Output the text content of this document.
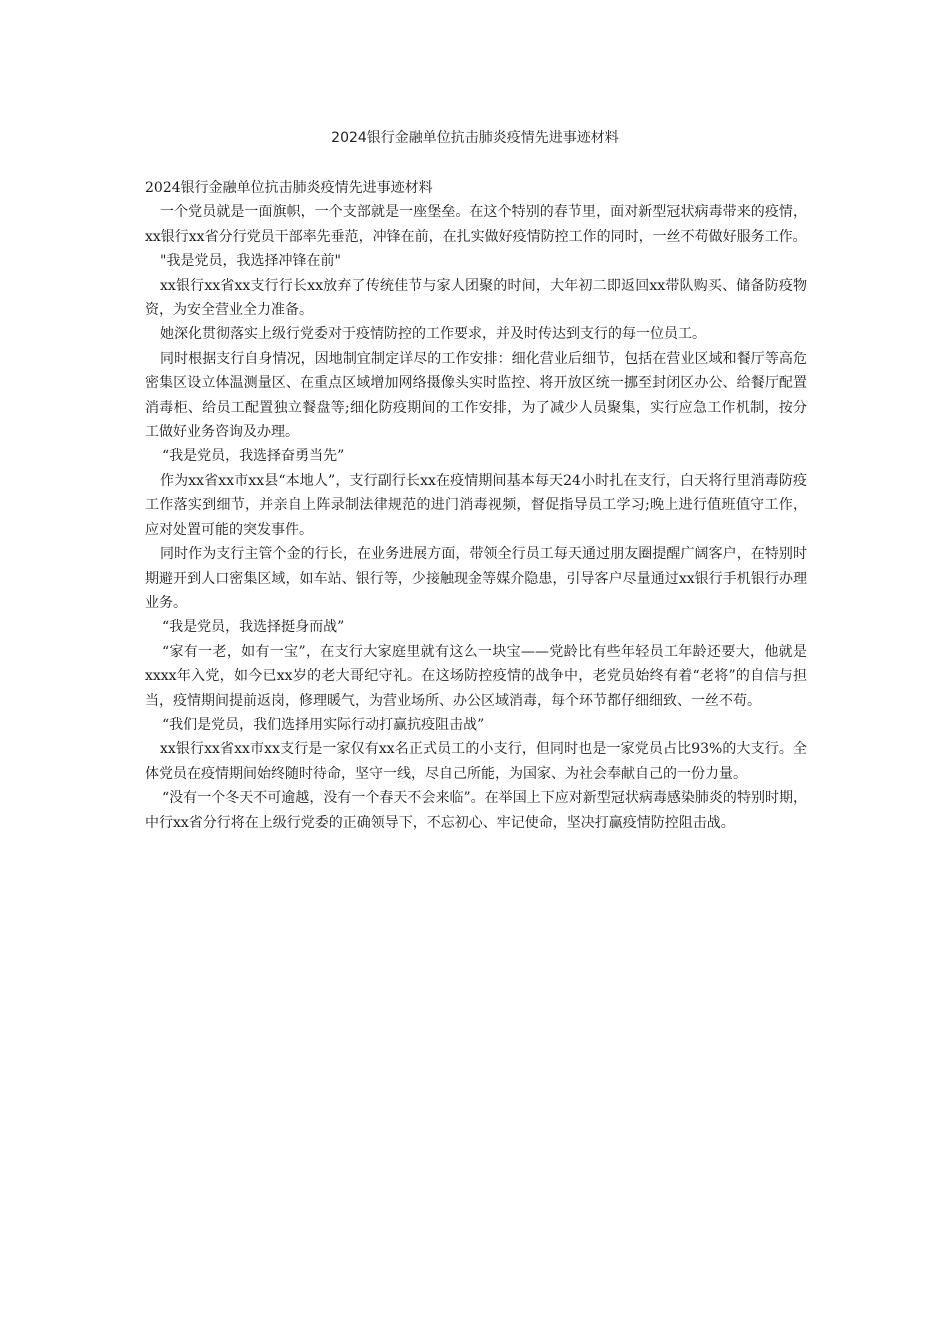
2024银行金融单位抗击肺炎疫情先进事迹材料

2024银行金融单位抗击肺炎疫情先进事迹材料

一个党员就是一面旗帜，一个支部就是一座堡垒。在这个特别的春节里，面对新型冠状病毒带来的疫情，xx银行xx省分行党员干部率先垂范，冲锋在前，在扎实做好疫情防控工作的同时，一丝不苟做好服务工作。

"我是党员，我选择冲锋在前"

xx银行xx省xx支行行长xx放弃了传统佳节与家人团聚的时间，大年初二即返回xx带队购买、储备防疫物资，为安全营业全力准备。

她深化贯彻落实上级行党委对于疫情防控的工作要求，并及时传达到支行的每一位员工。

同时根据支行自身情况，因地制宜制定详尽的工作安排：细化营业后细节，包括在营业区域和餐厅等高危密集区设立体温测量区、在重点区域增加网络摄像头实时监控、将开放区统一挪至封闭区办公、给餐厅配置消毒柜、给员工配置独立餐盘等;细化防疫期间的工作安排，为了减少人员聚集，实行应急工作机制，按分工做好业务咨询及办理。

“我是党员，我选择奋勇当先”

作为xx省xx市xx县“本地人”，支行副行长xx在疫情期间基本每天24小时扎在支行，白天将行里消毒防疫工作落实到细节，并亲自上阵录制法律规范的进门消毒视频，督促指导员工学习;晚上进行值班值守工作，应对处置可能的突发事件。

同时作为支行主管个金的行长，在业务进展方面，带领全行员工每天通过朋友圈提醒广阔客户，在特别时期避开到人口密集区域，如车站、银行等，少接触现金等媒介隐患，引导客户尽量通过xx银行手机银行办理业务。

“我是党员，我选择挺身而战”

“家有一老，如有一宝”，在支行大家庭里就有这么一块宝——党龄比有些年轻员工年龄还要大，他就是xxxx年入党，如今已xx岁的老大哥纪守礼。在这场防控疫情的战争中，老党员始终有着“老将”的自信与担当，疫情期间提前返岗，修理暖气，为营业场所、办公区域消毒，每个环节都仔细细致、一丝不苟。

“我们是党员，我们选择用实际行动打赢抗疫阻击战”

xx银行xx省xx市xx支行是一家仅有xx名正式员工的小支行，但同时也是一家党员占比93%的大支行。全体党员在疫情期间始终随时待命，坚守一线，尽自己所能，为国家、为社会奉献自己的一份力量。

“没有一个冬天不可逾越，没有一个春天不会来临”。在举国上下应对新型冠状病毒感染肺炎的特别时期，中行xx省分行将在上级行党委的正确领导下，不忘初心、牢记使命，坚决打赢疫情防控阻击战。
